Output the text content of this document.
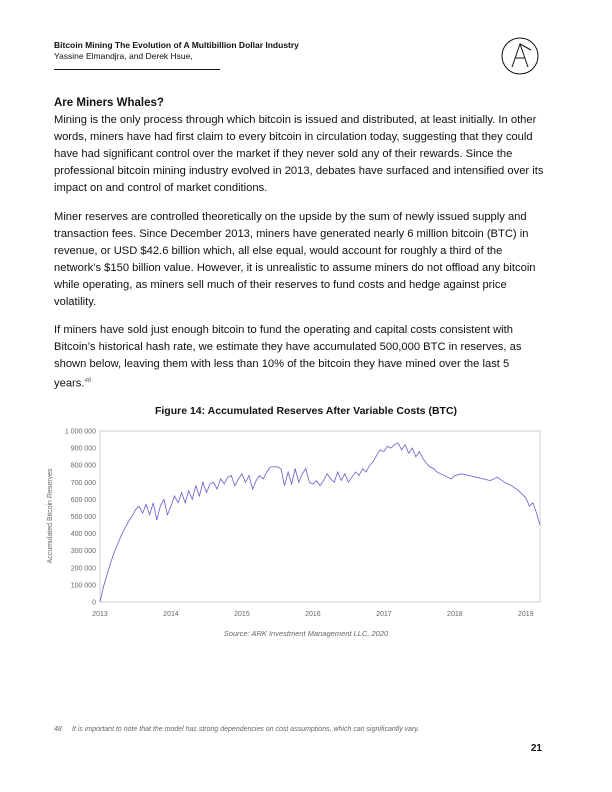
Bitcoin Mining The Evolution of A Multibillion Dollar Industry
Yassine Elmandjra, and Derek Hsue,
Are Miners Whales?

Mining is the only process through which bitcoin is issued and distributed, at least initially. In other words, miners have had first claim to every bitcoin in circulation today, suggesting that they could have had significant control over the market if they never sold any of their rewards. Since the professional bitcoin mining industry evolved in 2013, debates have surfaced and intensified over its impact on and control of market conditions.

Miner reserves are controlled theoretically on the upside by the sum of newly issued supply and transaction fees. Since December 2013, miners have generated nearly 6 million bitcoin (BTC) in revenue, or USD $42.6 billion which, all else equal, would account for roughly a third of the network’s $150 billion value. However, it is unrealistic to assume miners do not offload any bitcoin while operating, as miners sell much of their reserves to fund costs and hedge against price volatility.

If miners have sold just enough bitcoin to fund the operating and capital costs consistent with Bitcoin’s historical hash rate, we estimate they have accumulated 500,000 BTC in reserves, as shown below, leaving them with less than 10% of the bitcoin they have mined over the last 5 years.$^{48}$

Figure 14: Accumulated Reserves After Variable Costs (BTC)
0
100 000
200 000
300 000
400 000
500 000
600 000
700 000
800 000
900 000
1 000 000
2013	2014	2015	2016	2017	2018	2019
Accumulated Bitcoin Reserves
Source: ARK Investment Management LLC, 2020
48 It is important to note that the model has strong dependencies on cost assumptions, which can significantly vary.
21
